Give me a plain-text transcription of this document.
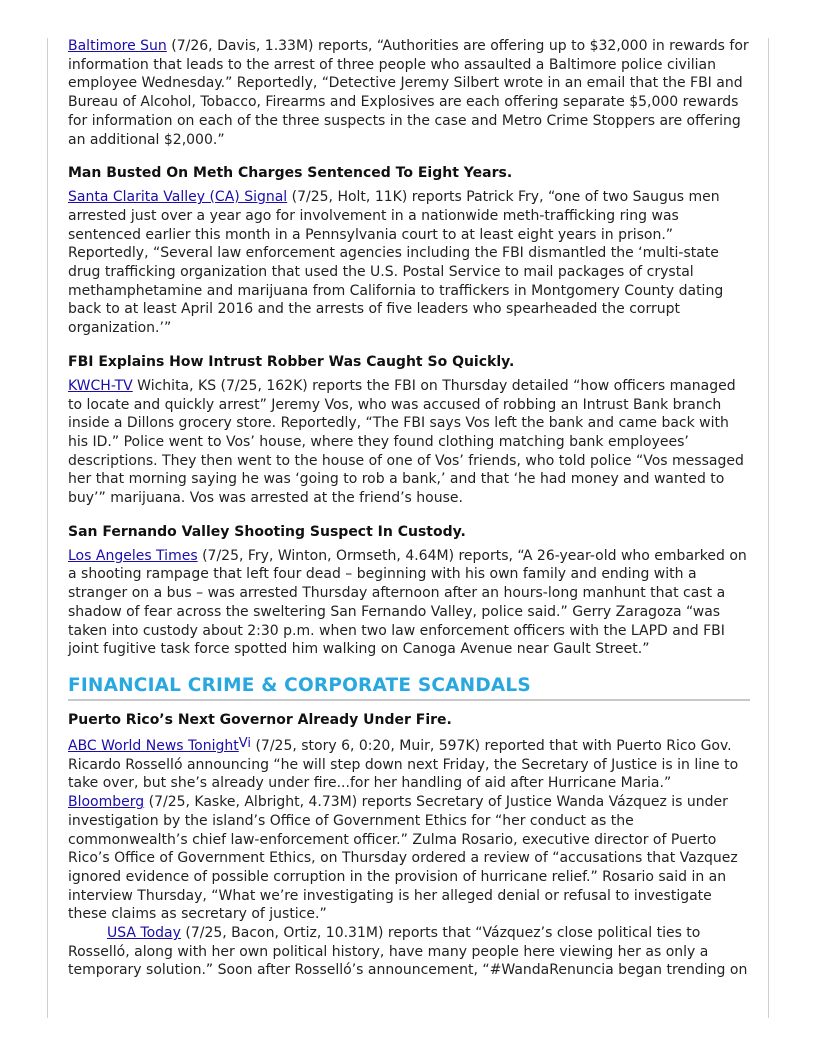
Baltimore Sun (7/26, Davis, 1.33M) reports, “Authorities are offering up to $32,000 in rewards for information that leads to the arrest of three people who assaulted a Baltimore police civilian employee Wednesday.” Reportedly, “Detective Jeremy Silbert wrote in an email that the FBI and Bureau of Alcohol, Tobacco, Firearms and Explosives are each offering separate $5,000 rewards for information on each of the three suspects in the case and Metro Crime Stoppers are offering an additional $2,000.”

Man Busted On Meth Charges Sentenced To Eight Years.

Santa Clarita Valley (CA) Signal (7/25, Holt, 11K) reports Patrick Fry, “one of two Saugus men arrested just over a year ago for involvement in a nationwide meth-trafficking ring was sentenced earlier this month in a Pennsylvania court to at least eight years in prison.” Reportedly, “Several law enforcement agencies including the FBI dismantled the ‘multi-state drug trafficking organization that used the U.S. Postal Service to mail packages of crystal methamphetamine and marijuana from California to traffickers in Montgomery County dating back to at least April 2016 and the arrests of five leaders who spearheaded the corrupt organization.’”

FBI Explains How Intrust Robber Was Caught So Quickly.

KWCH-TV Wichita, KS (7/25, 162K) reports the FBI on Thursday detailed “how officers managed to locate and quickly arrest” Jeremy Vos, who was accused of robbing an Intrust Bank branch inside a Dillons grocery store. Reportedly, “The FBI says Vos left the bank and came back with his ID.” Police went to Vos’ house, where they found clothing matching bank employees’ descriptions. They then went to the house of one of Vos’ friends, who told police “Vos messaged her that morning saying he was ‘going to rob a bank,’ and that ‘he had money and wanted to buy’” marijuana. Vos was arrested at the friend’s house.

San Fernando Valley Shooting Suspect In Custody.

Los Angeles Times (7/25, Fry, Winton, Ormseth, 4.64M) reports, “A 26-year-old who embarked on a shooting rampage that left four dead – beginning with his own family and ending with a stranger on a bus – was arrested Thursday afternoon after an hours-long manhunt that cast a shadow of fear across the sweltering San Fernando Valley, police said.” Gerry Zaragoza “was taken into custody about 2:30 p.m. when two law enforcement officers with the LAPD and FBI joint fugitive task force spotted him walking on Canoga Avenue near Gault Street.”

FINANCIAL CRIME & CORPORATE SCANDALS
Puerto Rico’s Next Governor Already Under Fire.

ABC World News TonightVi (7/25, story 6, 0:20, Muir, 597K) reported that with Puerto Rico Gov. Ricardo Rosselló announcing “he will step down next Friday, the Secretary of Justice is in line to take over, but she’s already under fire...for her handling of aid after Hurricane Maria.” Bloomberg (7/25, Kaske, Albright, 4.73M) reports Secretary of Justice Wanda Vázquez is under investigation by the island’s Office of Government Ethics for “her conduct as the commonwealth’s chief law-enforcement officer.” Zulma Rosario, executive director of Puerto Rico’s Office of Government Ethics, on Thursday ordered a review of “accusations that Vazquez ignored evidence of possible corruption in the provision of hurricane relief.” Rosario said in an interview Thursday, “What we’re investigating is her alleged denial or refusal to investigate these claims as secretary of justice.”

USA Today (7/25, Bacon, Ortiz, 10.31M) reports that “Vázquez’s close political ties to Rosselló, along with her own political history, have many people here viewing her as only a temporary solution.” Soon after Rosselló’s announcement, “#WandaRenuncia began trending on
